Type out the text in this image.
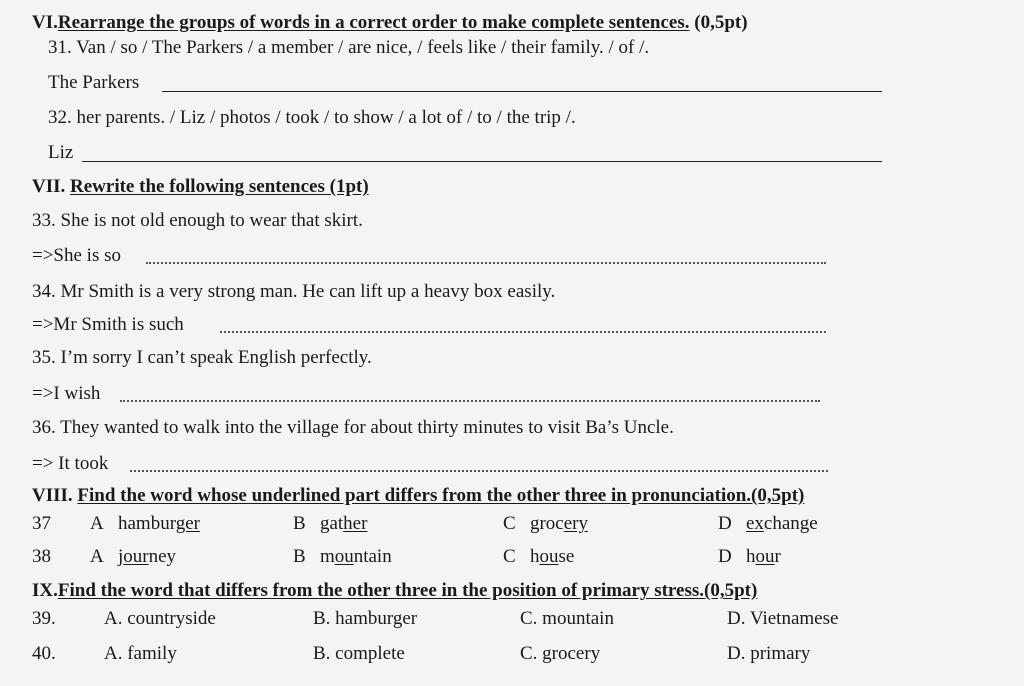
VI.Rearrange the groups of words in a correct order to make complete sentences. (0,5pt)
31. Van / so / The Parkers / a member / are nice, / feels like / their family. / of /.
The Parkers
32. her parents. / Liz / photos / took / to show / a lot of / to / the trip /.
Liz
VII. Rewrite the following sentences (1pt)
33. She is not old enough to wear that skirt.
=>She is so
34. Mr Smith is a very strong man. He can lift up a heavy box easily.
=>Mr Smith is such
35. I’m sorry I can’t speak English perfectly.
=>I wish
36. They wanted to walk into the village for about thirty minutes to visit Ba’s Uncle.
=> It took
VIII. Find the word whose underlined part differs from the other three in pronunciation.(0,5pt)
37 A hamburger	B gather	C grocery	D exchange
38 A journey	B mountain	C house	D hour
IX.Find the word that differs from the other three in the position of primary stress.(0,5pt)
39.	A. countryside	B. hamburger	C. mountain	D. Vietnamese
40.	A. family	B. complete	C. grocery	D. primary
